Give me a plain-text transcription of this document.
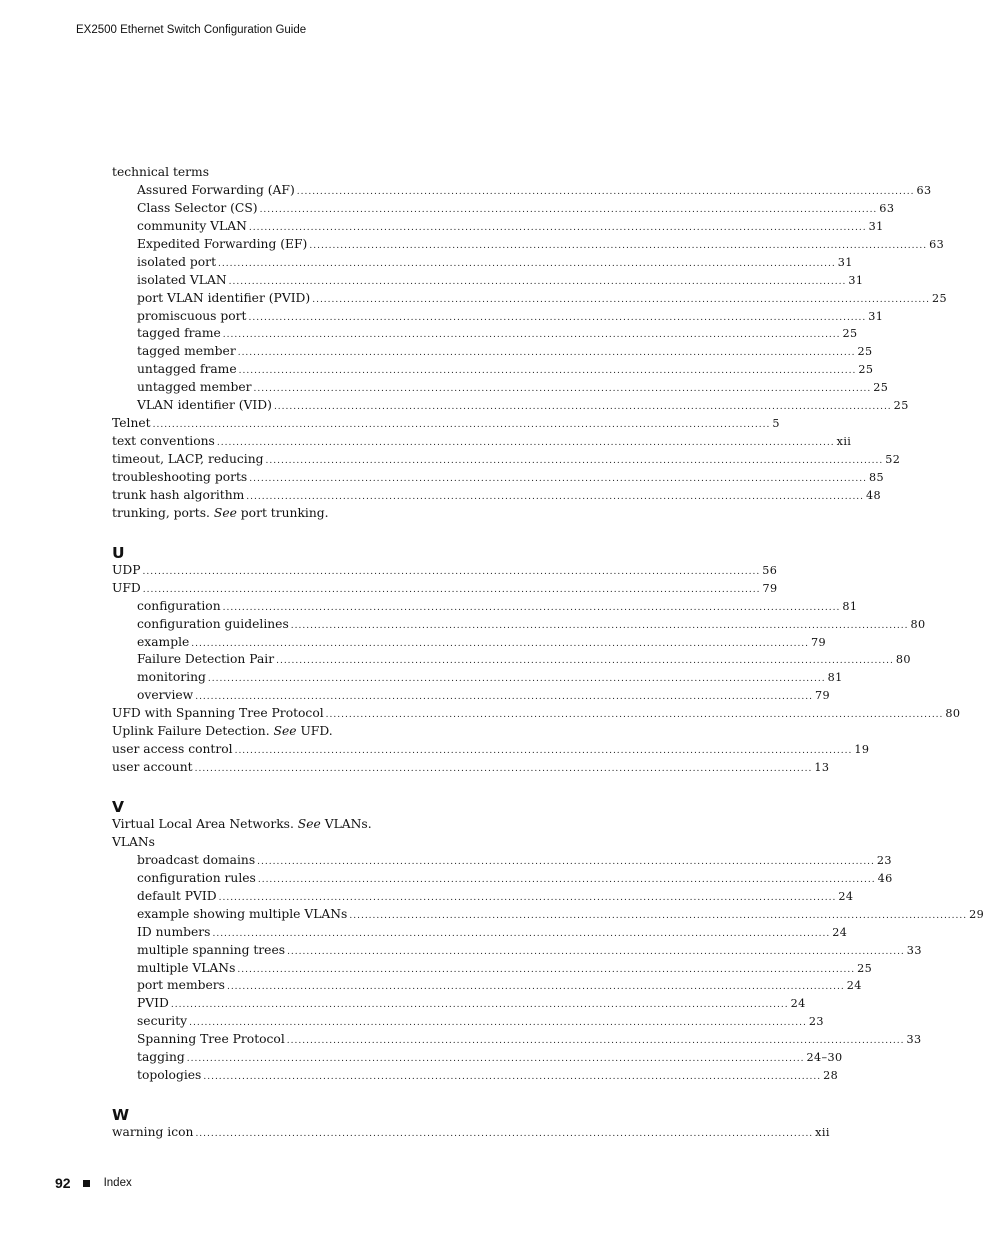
EX2500 Ethernet Switch Configuration Guide
technical terms
Assured Forwarding (AF) ................................................................................................................................................................ 63
Class Selector (CS) ................................................................................................................................................................ 63
community VLAN ................................................................................................................................................................ 31
Expedited Forwarding (EF) ................................................................................................................................................................ 63
isolated port ................................................................................................................................................................ 31
isolated VLAN ................................................................................................................................................................ 31
port VLAN identifier (PVID) ................................................................................................................................................................ 25
promiscuous port ................................................................................................................................................................ 31
tagged frame ................................................................................................................................................................ 25
tagged member ................................................................................................................................................................ 25
untagged frame ................................................................................................................................................................ 25
untagged member ................................................................................................................................................................ 25
VLAN identifier (VID) ................................................................................................................................................................ 25
Telnet ................................................................................................................................................................ 5
text conventions ................................................................................................................................................................ xii
timeout, LACP, reducing ................................................................................................................................................................ 52
troubleshooting ports ................................................................................................................................................................ 85
trunk hash algorithm ................................................................................................................................................................ 48
trunking, ports.
See
port trunking.
U
UDP ................................................................................................................................................................ 56
UFD ................................................................................................................................................................ 79
configuration ................................................................................................................................................................ 81
configuration guidelines ................................................................................................................................................................ 80
example ................................................................................................................................................................ 79
Failure Detection Pair ................................................................................................................................................................ 80
monitoring ................................................................................................................................................................ 81
overview ................................................................................................................................................................ 79
UFD with Spanning Tree Protocol ................................................................................................................................................................ 80
Uplink Failure Detection.
See
UFD.
user access control ................................................................................................................................................................ 19
user account ................................................................................................................................................................ 13
V
Virtual Local Area Networks.
See
VLANs.
VLANs
broadcast domains ................................................................................................................................................................ 23
configuration rules ................................................................................................................................................................ 46
default PVID ................................................................................................................................................................ 24
example showing multiple VLANs ................................................................................................................................................................ 29
ID numbers ................................................................................................................................................................ 24
multiple spanning trees ................................................................................................................................................................ 33
multiple VLANs ................................................................................................................................................................ 25
port members ................................................................................................................................................................ 24
PVID ................................................................................................................................................................ 24
security ................................................................................................................................................................ 23
Spanning Tree Protocol ................................................................................................................................................................ 33
tagging ................................................................................................................................................................ 24–30
topologies ................................................................................................................................................................ 28
W
warning icon ................................................................................................................................................................ xii
92	Index
